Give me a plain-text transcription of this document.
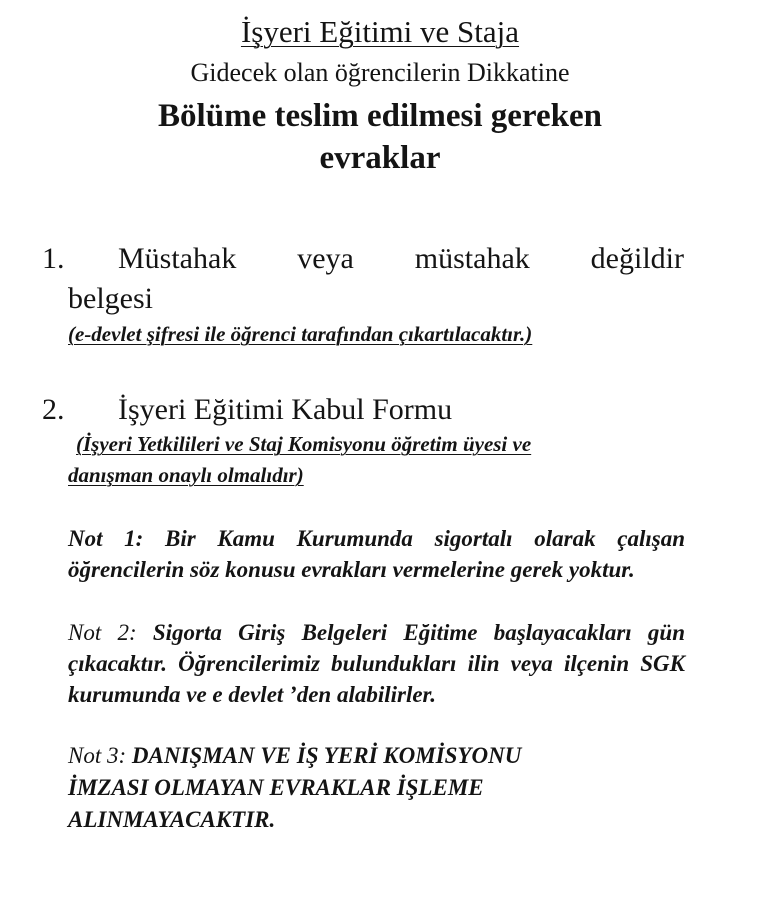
İşyeri Eğitimi ve Staja
Gidecek olan öğrencilerin Dikkatine
Bölüme teslim edilmesi gereken
evraklar
1. Müstahak veya müstahak değildir
belgesi
(e-devlet şifresi ile öğrenci tarafından çıkartılacaktır.)
2. İşyeri Eğitimi Kabul Formu
(İşyeri Yetkilileri ve Staj Komisyonu öğretim üyesi ve
danışman onaylı olmalıdır)
Not 1: Bir Kamu Kurumunda sigortalı olarak çalışan öğrencilerin söz konusu evrakları vermelerine gerek yoktur.
Not 2: Sigorta Giriş Belgeleri Eğitime başlayacakları gün çıkacaktır. Öğrencilerimiz bulundukları ilin veya ilçenin SGK kurumunda ve e devlet ’den alabilirler.
Not 3: DANIŞMAN VE İŞ YERİ KOMİSYONU
İMZASI OLMAYAN EVRAKLAR İŞLEME
ALINMAYACAKTIR.
